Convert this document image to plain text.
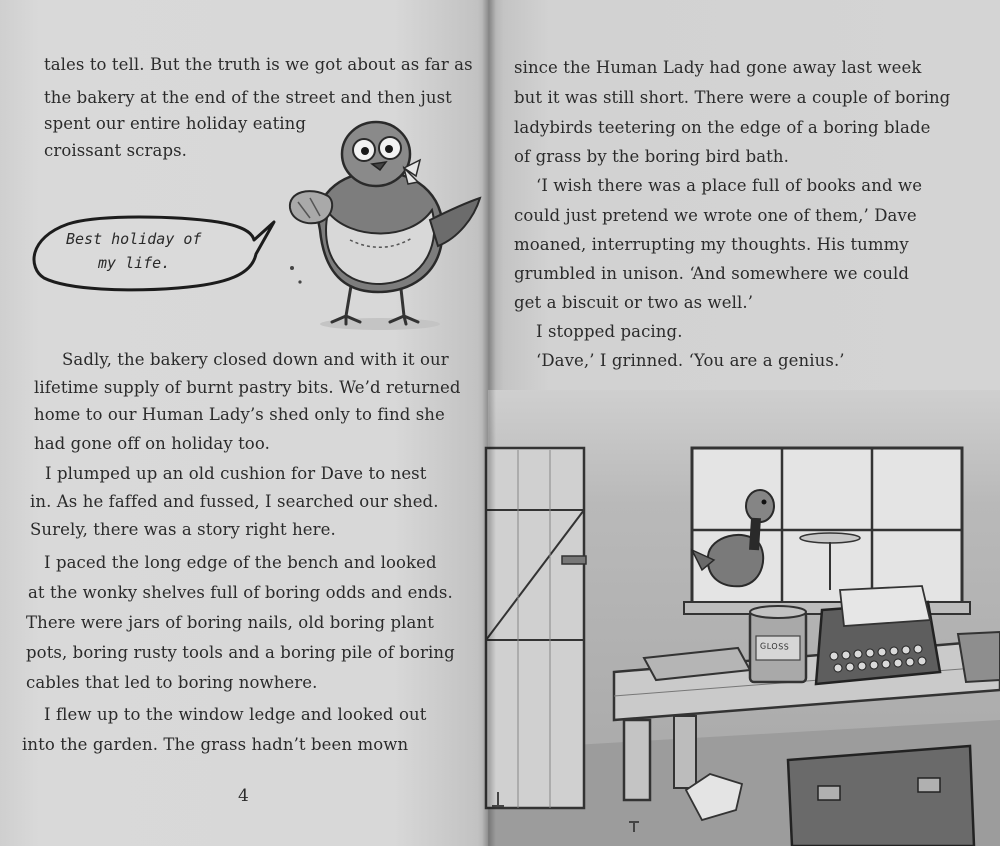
tales to tell. But the truth is we got about as far as
the bakery at the end of the street and then just
spent our entire holiday eating
croissant scraps.
Best holiday of
my life.
Sadly, the bakery closed down and with it our
lifetime supply of burnt pastry bits. We’d returned
home to our Human Lady’s shed only to find she
had gone off on holiday too.
I plumped up an old cushion for Dave to nest
in. As he faffed and fussed, I searched our shed.
Surely, there was a story right here.
I paced the long edge of the bench and looked
at the wonky shelves full of boring odds and ends.
There were jars of boring nails, old boring plant
pots, boring rusty tools and a boring pile of boring
cables that led to boring nowhere.
I flew up to the window ledge and looked out
into the garden. The grass hadn’t been mown
4
since the Human Lady had gone away last week
but it was still short. There were a couple of boring
ladybirds teetering on the edge of a boring blade
of grass by the boring bird bath.
‘I wish there was a place full of books and we
could just pretend we wrote one of them,’ Dave
moaned, interrupting my thoughts. His tummy
grumbled in unison. ‘And somewhere we could
get a biscuit or two as well.’
I stopped pacing.
‘Dave,’ I grinned. ‘You are a genius.’
GLOSS
